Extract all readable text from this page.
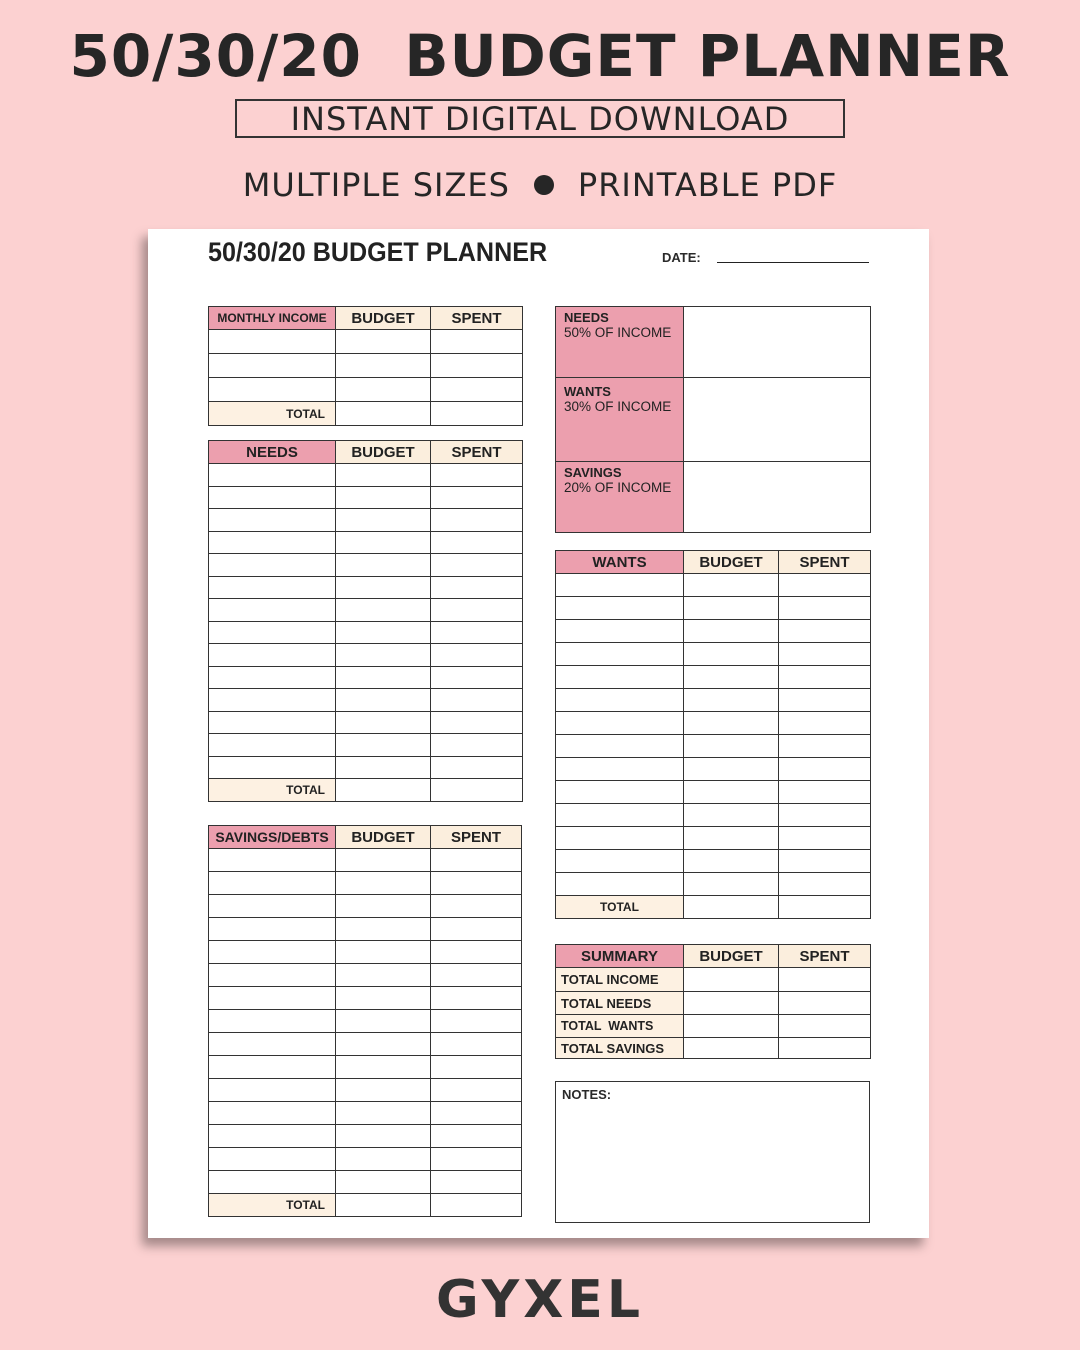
50/30/20  BUDGET PLANNER
INSTANT DIGITAL DOWNLOAD
MULTIPLE SIZES PRINTABLE PDF
50/30/20 BUDGET PLANNER	DATE:
MONTHLY INCOME	BUDGET	SPENT

TOTAL		
NEEDS	BUDGET	SPENT

TOTAL		
SAVINGS/DEBTS	BUDGET	SPENT

TOTAL		
NEEDS
50% OF INCOME	

WANTS
30% OF INCOME	

SAVINGS
20% OF INCOME	

WANTS	BUDGET	SPENT

TOTAL		
SUMMARY	BUDGET	SPENT
TOTAL INCOME		
TOTAL NEEDS		
TOTAL  WANTS		
TOTAL SAVINGS		
NOTES:
GYXEL
